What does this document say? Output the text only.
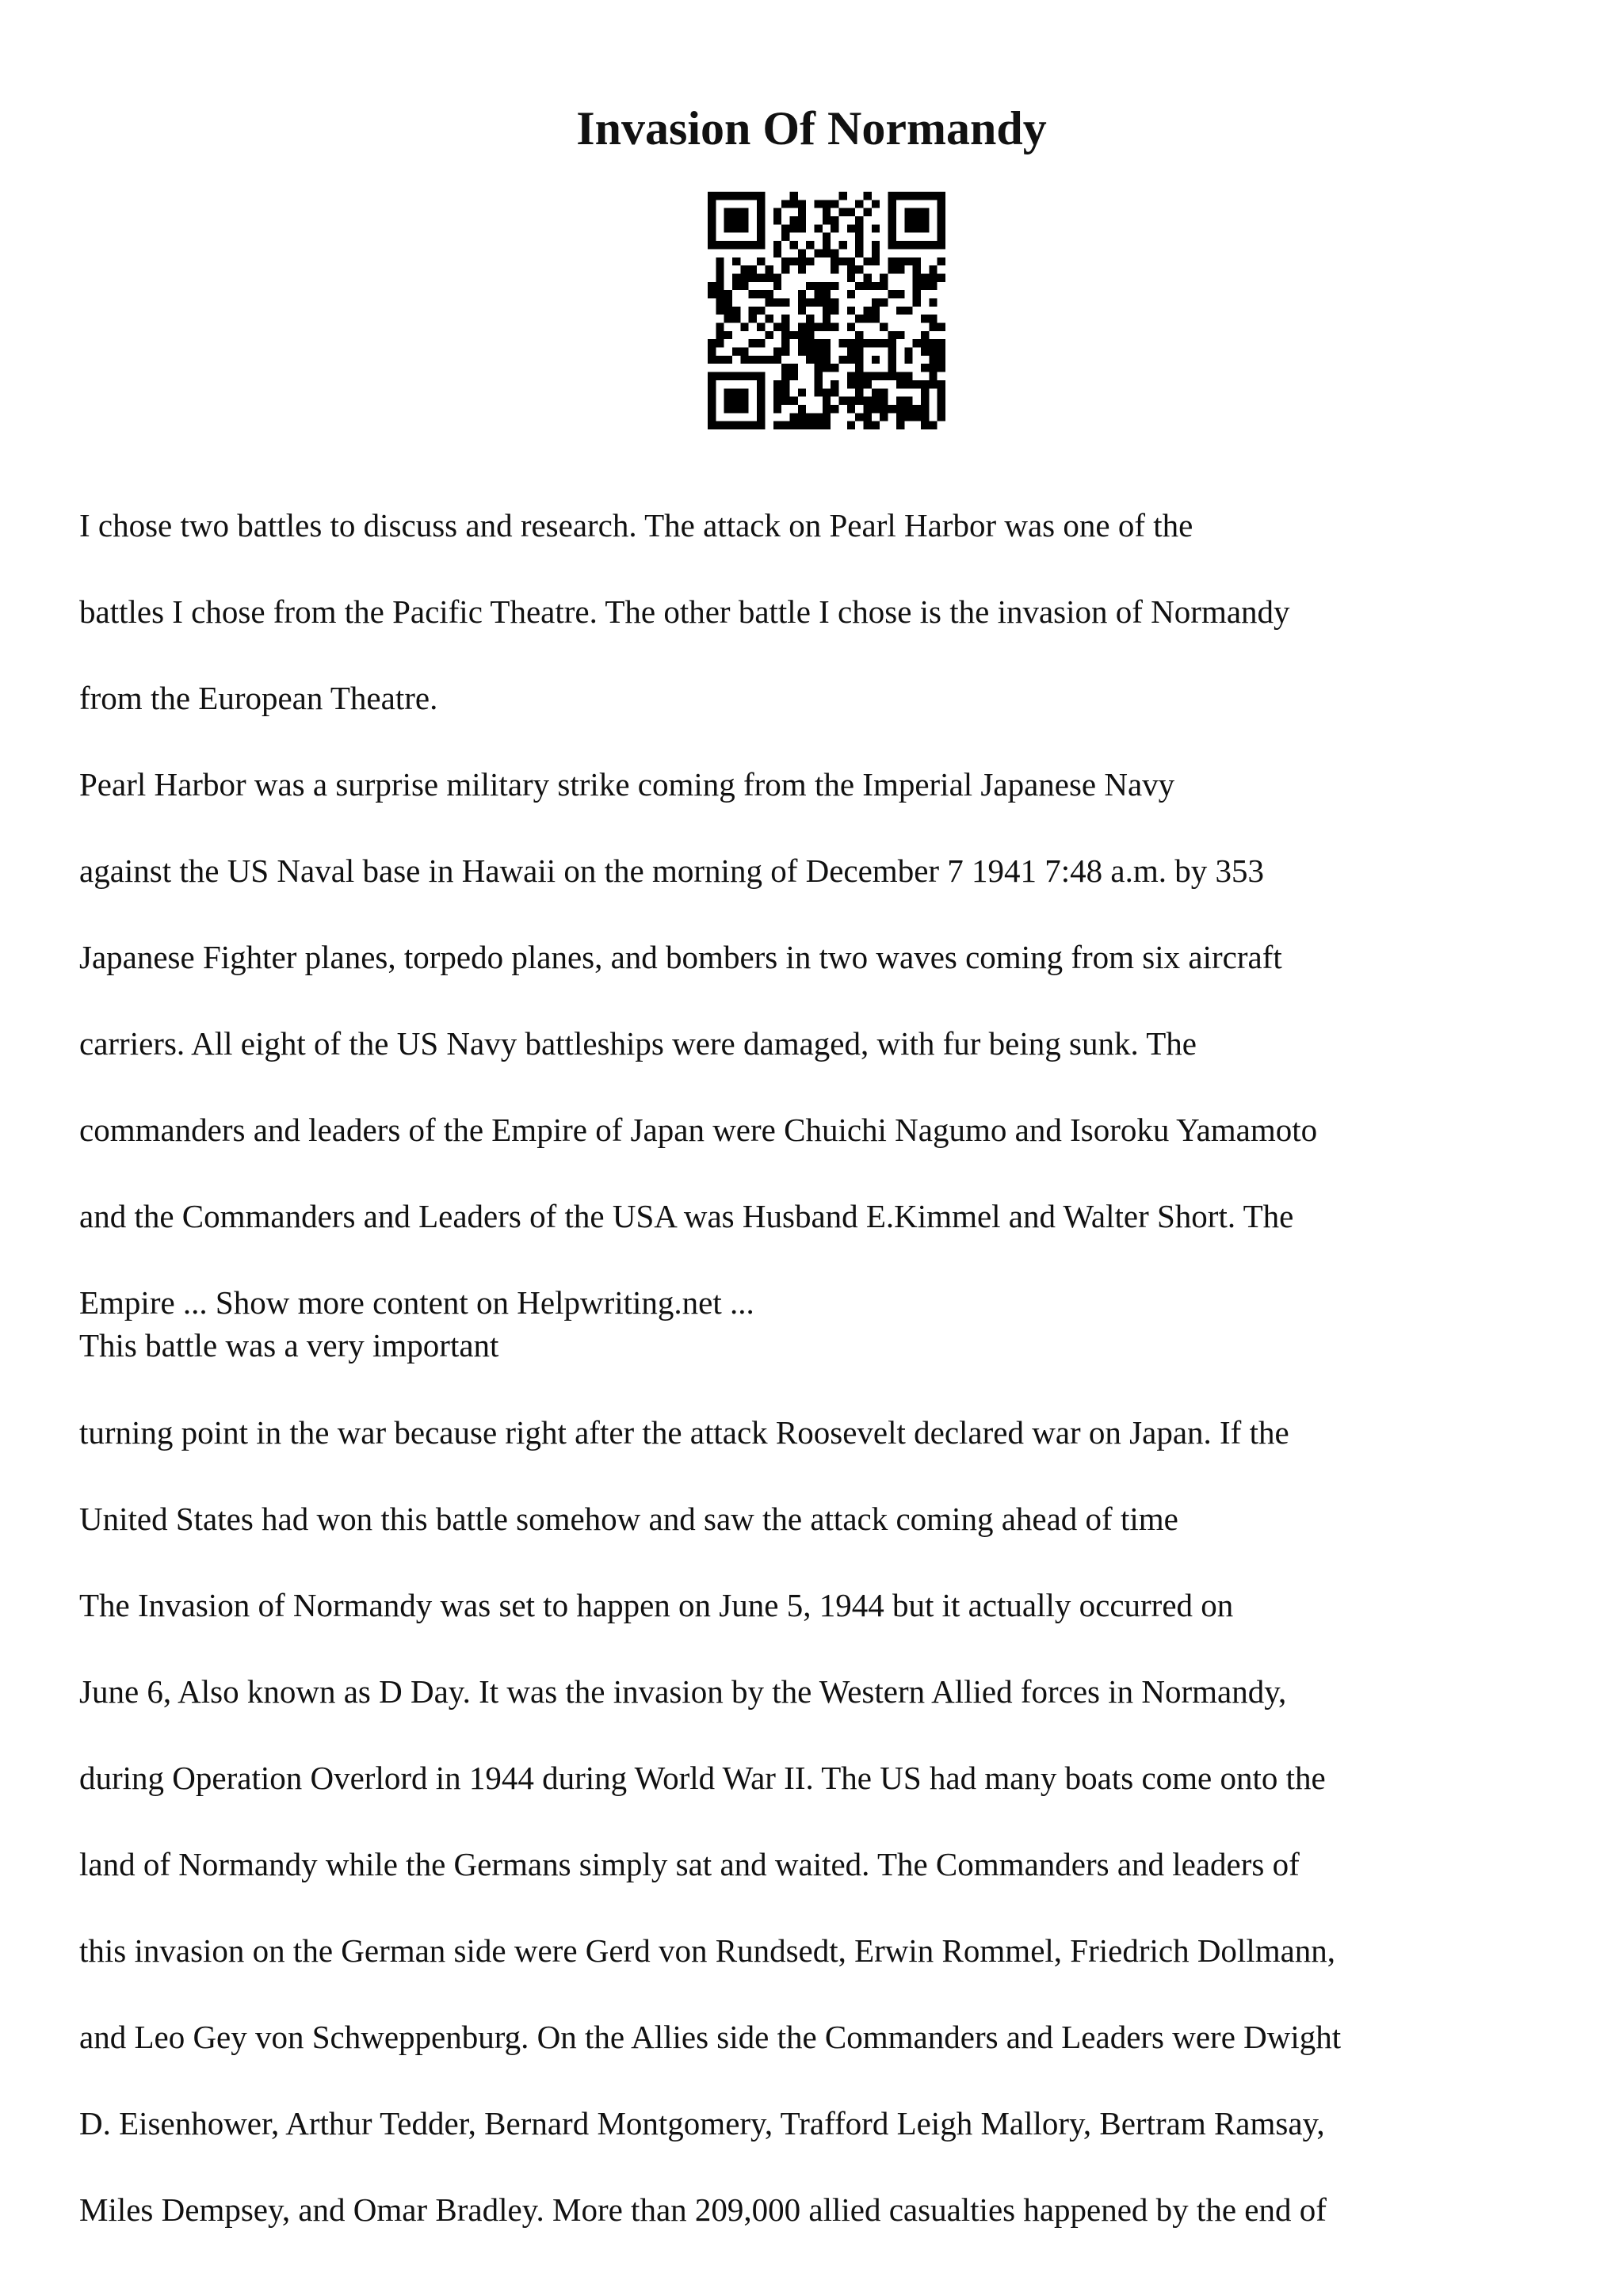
Invasion Of Normandy

I chose two battles to discuss and research. The attack on Pearl Harbor was one of the

battles I chose from the Pacific Theatre. The other battle I chose is the invasion of Normandy

from the European Theatre.

Pearl Harbor was a surprise military strike coming from the Imperial Japanese Navy

against the US Naval base in Hawaii on the morning of December 7 1941 7:48 a.m. by 353

Japanese Fighter planes, torpedo planes, and bombers in two waves coming from six aircraft

carriers. All eight of the US Navy battleships were damaged, with fur being sunk. The

commanders and leaders of the Empire of Japan were Chuichi Nagumo and Isoroku Yamamoto

and the Commanders and Leaders of the USA was Husband E.Kimmel and Walter Short. The

Empire ... Show more content on Helpwriting.net ...

This battle was a very important

turning point in the war because right after the attack Roosevelt declared war on Japan. If the

United States had won this battle somehow and saw the attack coming ahead of time

The Invasion of Normandy was set to happen on June 5, 1944 but it actually occurred on

June 6, Also known as D Day. It was the invasion by the Western Allied forces in Normandy,

during Operation Overlord in 1944 during World War II. The US had many boats come onto the

land of Normandy while the Germans simply sat and waited. The Commanders and leaders of

this invasion on the German side were Gerd von Rundsedt, Erwin Rommel, Friedrich Dollmann,

and Leo Gey von Schweppenburg. On the Allies side the Commanders and Leaders were Dwight

D. Eisenhower, Arthur Tedder, Bernard Montgomery, Trafford Leigh Mallory, Bertram Ramsay,

Miles Dempsey, and Omar Bradley. More than 209,000 allied casualties happened by the end of
